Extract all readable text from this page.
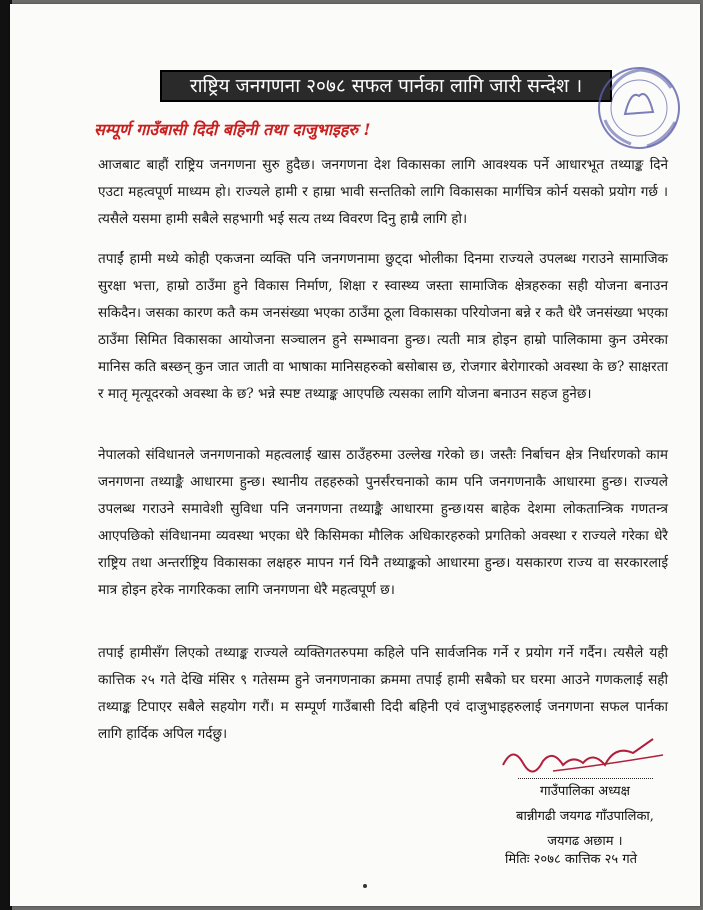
राष्ट्रिय जनगणना २०७८ सफल पार्नका लागि जारी सन्देश ।
सम्पूर्ण गाउँबासी दिदी बहिनी तथा दाजुभाइहरु !

आजबाट बाहौं राष्ट्रिय जनगणना सुरु हुदैछ। जनगणना देश विकासका लागि आवश्यक पर्ने आधारभूत तथ्याङ्क दिने एउटा महत्वपूर्ण माध्यम हो। राज्यले हामी र हाम्रा भावी सन्ततिको लागि विकासका मार्गचित्र कोर्न यसको प्रयोग गर्छ ।त्यसैले यसमा हामी सबैले सहभागी भई सत्य तथ्य विवरण दिनु हाम्रै लागि हो।

तपाईं हामी मध्ये कोही एकजना व्यक्ति पनि जनगणनामा छुट्दा भोलीका दिनमा राज्यले उपलब्ध गराउने सामाजिक सुरक्षा भत्ता, हाम्रो ठाउँमा हुने विकास निर्माण, शिक्षा र स्वास्थ्य जस्ता सामाजिक क्षेत्रहरुका सही योजना बनाउन सकिदैन। जसका कारण कतै कम जनसंख्या भएका ठाउँमा ठूला विकासका परियोजना बन्ने र कतै धेरै जनसंख्या भएका ठाउँमा सिमित विकासका आयोजना सञ्चालन हुने सम्भावना हुन्छ। त्यती मात्र होइन हाम्रो पालिकामा कुन उमेरका मानिस कति बस्छन् कुन जात जाती वा भाषाका मानिसहरुको बसोबास छ, रोजगार बेरोगारको अवस्था के छ? साक्षरता र मातृ मृत्यूदरको अवस्था के छ? भन्ने स्पष्ट तथ्याङ्क आएपछि त्यसका लागि योजना बनाउन सहज हुनेछ।

नेपालको संविधानले जनगणनाको महत्वलाई खास ठाउँहरुमा उल्लेख गरेको छ। जस्तैः निर्बाचन क्षेत्र निर्धारणको काम जनगणना तथ्याङ्कै आधारमा हुन्छ। स्थानीय तहहरुको पुनर्संरचनाको काम पनि जनगणनाकै आधारमा हुन्छ। राज्यले उपलब्ध गराउने समावेशी सुविधा पनि जनगणना तथ्याङ्कै आधारमा हुन्छ।यस बाहेक देशमा लोकतान्त्रिक गणतन्त्र आएपछिको संविधानमा व्यवस्था भएका धेरै किसिमका मौलिक अधिकारहरुको प्रगतिको अवस्था र राज्यले गरेका धेरै राष्ट्रिय तथा अन्तर्राष्ट्रिय विकासका लक्षहरु मापन गर्न यिनै तथ्याङ्कको आधारमा हुन्छ। यसकारण राज्य वा सरकारलाई मात्र होइन हरेक नागरिकका लागि जनगणना धेरै महत्वपूर्ण छ।

तपाई हामीसँग लिएको तथ्याङ्क राज्यले व्यक्तिगतरुपमा कहिले पनि सार्वजनिक गर्ने र प्रयोग गर्ने गर्दैन। त्यसैले यही कात्तिक २५ गते देखि मंसिर ९ गतेसम्म हुने जनगणनाका क्रममा तपाई हामी सबैको घर घरमा आउने गणकलाई सही तथ्याङ्क टिपाएर सबैले सहयोग गरौं। म सम्पूर्ण गाउँबासी दिदी बहिनी एवं दाजुभाइहरुलाई जनगणना सफल पार्नका लागि हार्दिक अपिल गर्दछु।

गाउँपालिका अध्यक्ष
बान्नीगढी जयगढ गाँउपालिका,
जयगढ अछाम ।
मितिः २०७८ कात्तिक २५ गते
